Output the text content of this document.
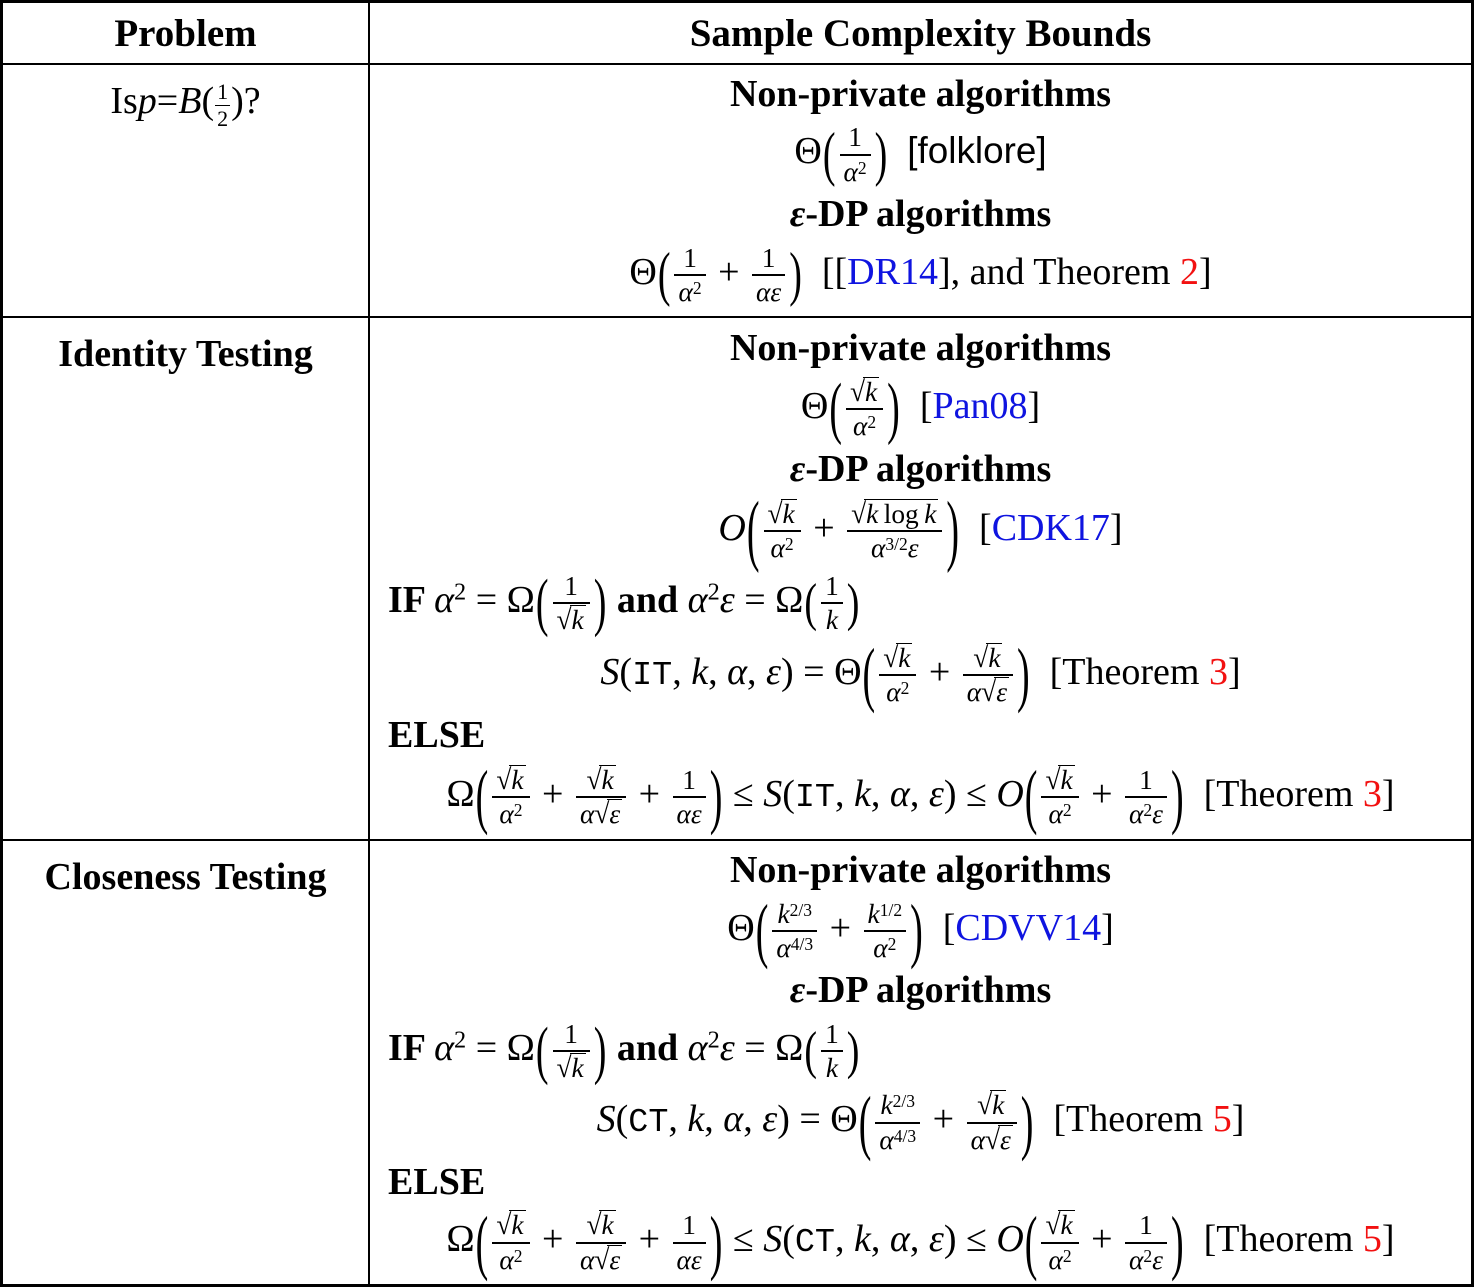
Problem	Sample Complexity Bounds
Is p = B ( $\frac{1}{2}$ )?	Non-private algorithms
$\Theta( \frac{1}{\alpha^2}$ )  [folklore]
ε-DP algorithms
$\Theta( \frac{1}{\alpha^2} + \frac{1}{\alpha\varepsilon}$ ) [[DR14], and Theorem 2]
Identity Testing	Non-private algorithms
$\Theta( \frac{√k}{\alpha^2}$ ) [Pan08]
ε-DP algorithms
$O( \frac{√k}{\alpha^2} + \frac{\text{√k log k}}{\alpha^{3/2}\varepsilon}$ ) [CDK17]
IF $\alpha^2 = \Omega( \frac{1}{√k}$ ) and $\alpha^2\varepsilon = \Omega( \frac{1}{k}$ )
S(IT, k, α, $\varepsilon) = \Theta( \frac{√k}{\alpha^2} + \frac{√k}{\alpha√\varepsilon}$ ) [Theorem 3]
ELSE
$\Omega( \frac{√k}{\alpha^2} + \frac{√k}{\alpha√\varepsilon} + \frac{1}{\alpha\varepsilon}$ ) ≤ S(IT, k, α, $\varepsilon) \le O( \frac{√k}{\alpha^2} + \frac{1}{\alpha^2\varepsilon}$ ) [Theorem 3]
Closeness Testing	Non-private algorithms
$\Theta( \frac{k^{2/3}}{\alpha^{4/3}} + \frac{k^{1/2}}{\alpha^2}$ ) [CDVV14]
ε-DP algorithms
IF $\alpha^2 = \Omega( \frac{1}{√k}$ ) and $\alpha^2\varepsilon = \Omega( \frac{1}{k}$ )
S(CT, k, α, $\varepsilon) = \Theta( \frac{k^{2/3}}{\alpha^{4/3}} + \frac{√k}{\alpha√\varepsilon}$ ) [Theorem 5]
ELSE
$\Omega( \frac{√k}{\alpha^2} + \frac{√k}{\alpha√\varepsilon} + \frac{1}{\alpha\varepsilon}$ ) ≤ S(CT, k, α, $\varepsilon) \le O( \frac{√k}{\alpha^2} + \frac{1}{\alpha^2\varepsilon}$ ) [Theorem 5]
